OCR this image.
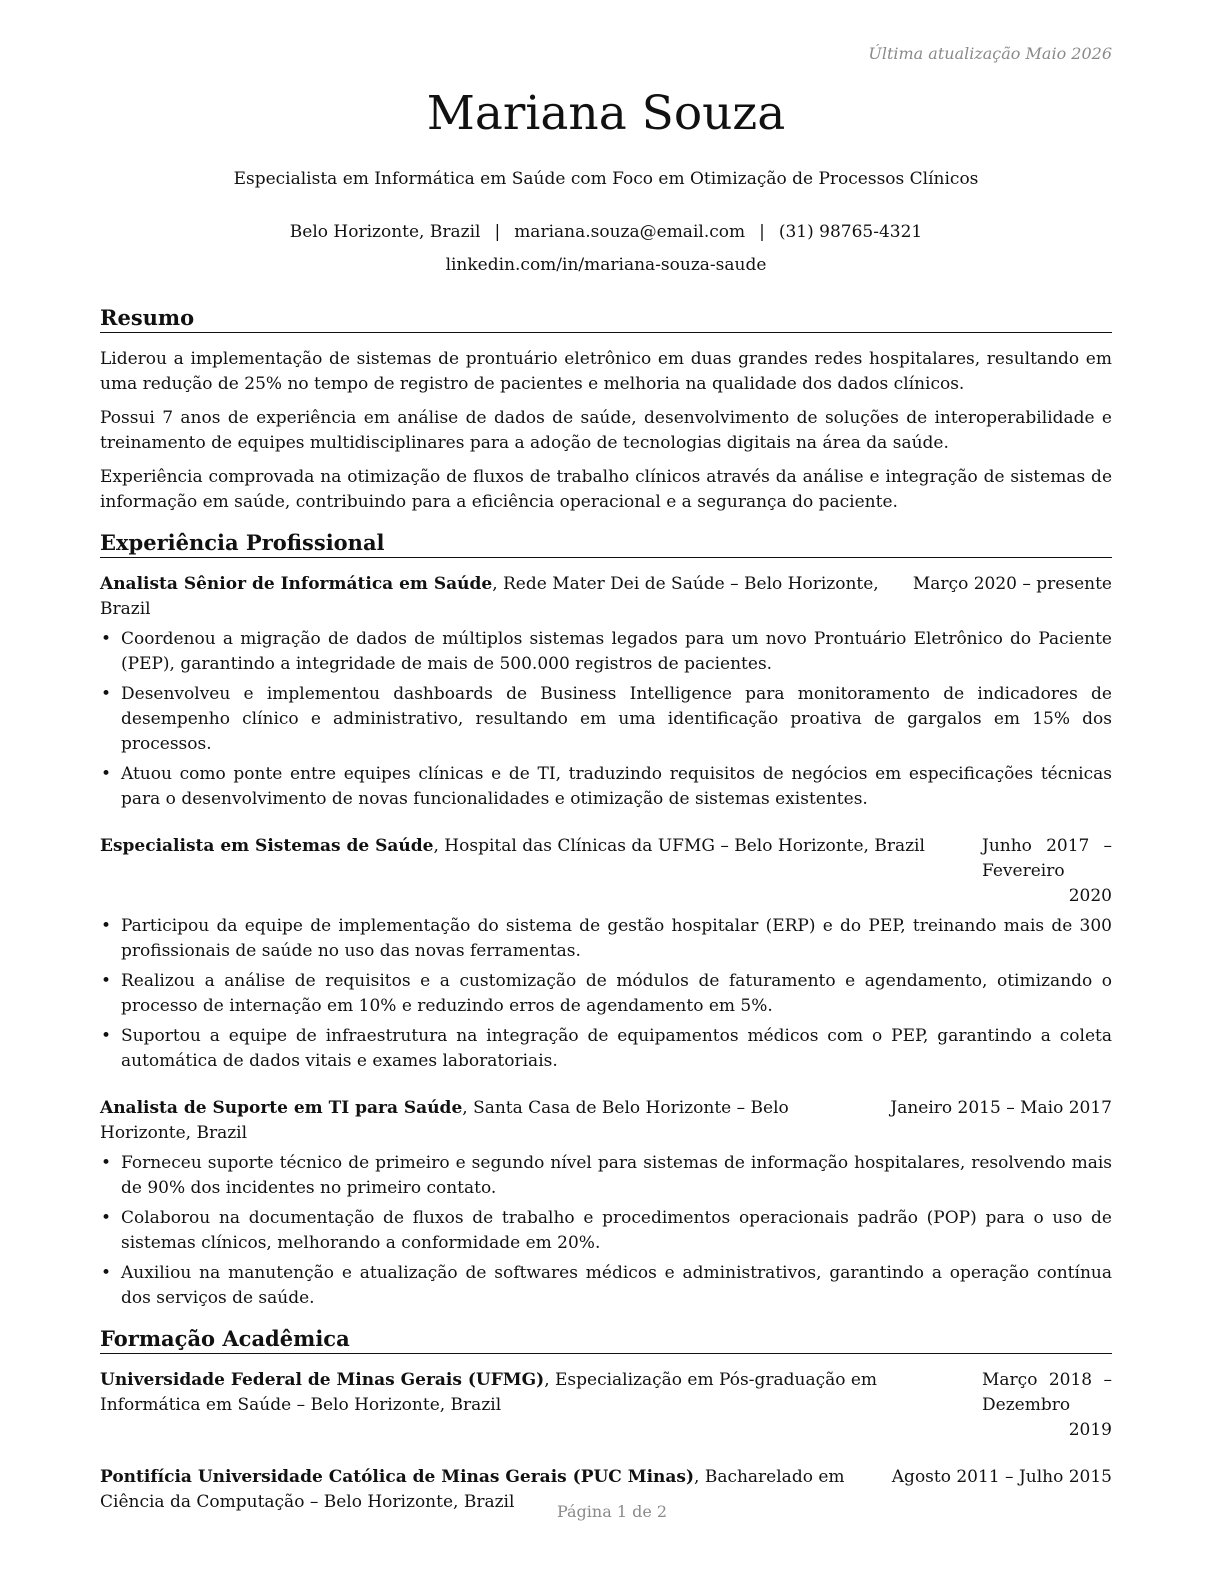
Última atualização Maio 2026
Mariana Souza
Especialista em Informática em Saúde com Foco em Otimização de Processos Clínicos
Belo Horizonte, Brazil | mariana.souza@email.com | (31) 98765-4321
linkedin.com/in/mariana-souza-saude
Resumo

Liderou a implementação de sistemas de prontuário eletrônico em duas grandes redes hospitalares, resultando em uma redução de 25% no tempo de registro de pacientes e melhoria na qualidade dos dados clínicos.

Possui 7 anos de experiência em análise de dados de saúde, desenvolvimento de soluções de interoperabilidade e treinamento de equipes multidisciplinares para a adoção de tecnologias digitais na área da saúde.

Experiência comprovada na otimização de fluxos de trabalho clínicos através da análise e integração de sistemas de informação em saúde, contribuindo para a eficiência operacional e a segurança do paciente.

Experiência Profissional
Analista Sênior de Informática em Saúde, Rede Mater Dei de Saúde – Belo Horizonte, Brazil
Março 2020 – presente
• Coordenou a migração de dados de múltiplos sistemas legados para um novo Prontuário Eletrônico do Paciente (PEP), garantindo a integridade de mais de 500.000 registros de pacientes.
• Desenvolveu e implementou dashboards de Business Intelligence para monitoramento de indicadores de desempenho clínico e administrativo, resultando em uma identificação proativa de gargalos em 15% dos processos.
• Atuou como ponte entre equipes clínicas e de TI, traduzindo requisitos de negócios em especificações técnicas para o desenvolvimento de novas funcionalidades e otimização de sistemas existentes.
Especialista em Sistemas de Saúde, Hospital das Clínicas da UFMG – Belo Horizonte, Brazil	Junho 2017 – Fevereiro 2020
• Participou da equipe de implementação do sistema de gestão hospitalar (ERP) e do PEP, treinando mais de 300 profissionais de saúde no uso das novas ferramentas.
• Realizou a análise de requisitos e a customização de módulos de faturamento e agendamento, otimizando o processo de internação em 10% e reduzindo erros de agendamento em 5%.
• Suportou a equipe de infraestrutura na integração de equipamentos médicos com o PEP, garantindo a coleta automática de dados vitais e exames laboratoriais.
Analista de Suporte em TI para Saúde, Santa Casa de Belo Horizonte – Belo Horizonte, Brazil
Janeiro 2015 – Maio 2017
• Forneceu suporte técnico de primeiro e segundo nível para sistemas de informação hospitalares, resolvendo mais de 90% dos incidentes no primeiro contato.
• Colaborou na documentação de fluxos de trabalho e procedimentos operacionais padrão (POP) para o uso de sistemas clínicos, melhorando a conformidade em 20%.
• Auxiliou na manutenção e atualização de softwares médicos e administrativos, garantindo a operação contínua dos serviços de saúde.
Formação Acadêmica
Universidade Federal de Minas Gerais (UFMG), Especialização em Pós-graduação em Informática em Saúde – Belo Horizonte, Brazil
Março 2018 – Dezembro 2019
Pontifícia Universidade Católica de Minas Gerais (PUC Minas), Bacharelado em Ciência da Computação – Belo Horizonte, Brazil
Agosto 2011 – Julho 2015
Página 1 de 2
